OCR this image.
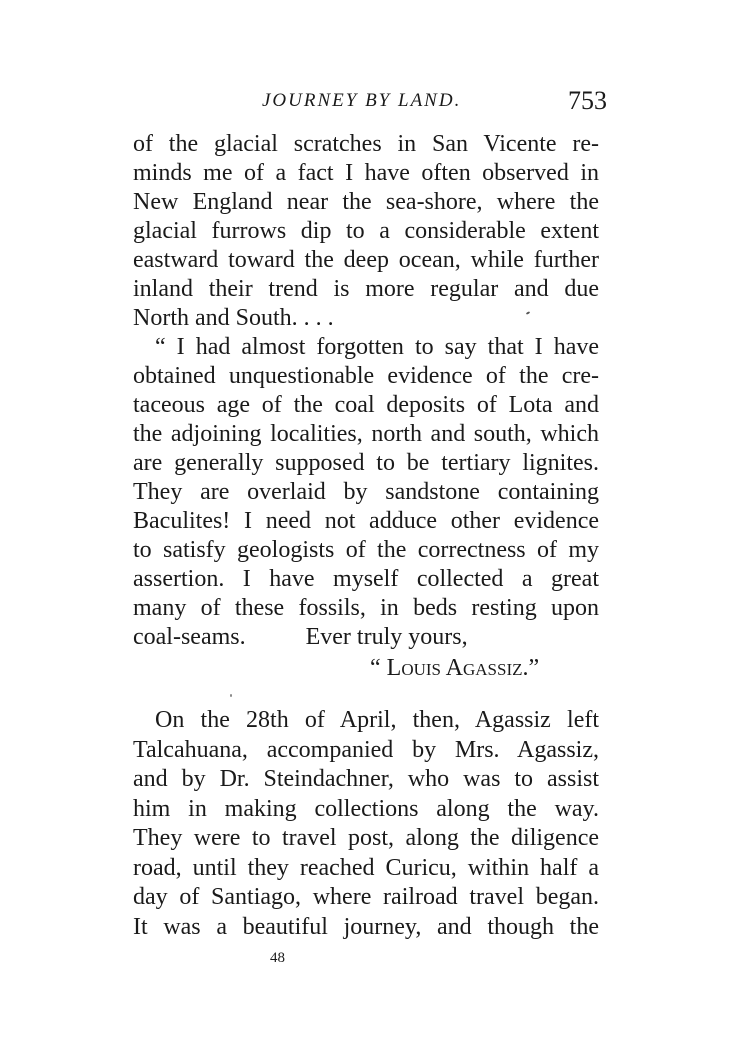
JOURNEY BY LAND.	753
of the glacial scratches in San Vicente re-
minds me of a fact I have often observed in
New England near the sea-shore, where the
glacial furrows dip to a considerable extent
eastward toward the deep ocean, while further
inland their trend is more regular and due
North and South. . . .
“ I had almost forgotten to say that I have
obtained unquestionable evidence of the cre-
taceous age of the coal deposits of Lota and
the adjoining localities, north and south, which
are generally supposed to be tertiary lignites.
They are overlaid by sandstone containing
Baculites! I need not adduce other evidence
to satisfy geologists of the correctness of my
assertion. I have myself collected a great
many of these fossils, in beds resting upon
coal-seams.          Ever truly yours,
“ Louis Agassiz.”
On the 28th of April, then, Agassiz left
Talcahuana, accompanied by Mrs. Agassiz,
and by Dr. Steindachner, who was to assist
him in making collections along the way.
They were to travel post, along the diligence
road, until they reached Curicu, within half a
day of Santiago, where railroad travel began.
It was a beautiful journey, and though the
48
